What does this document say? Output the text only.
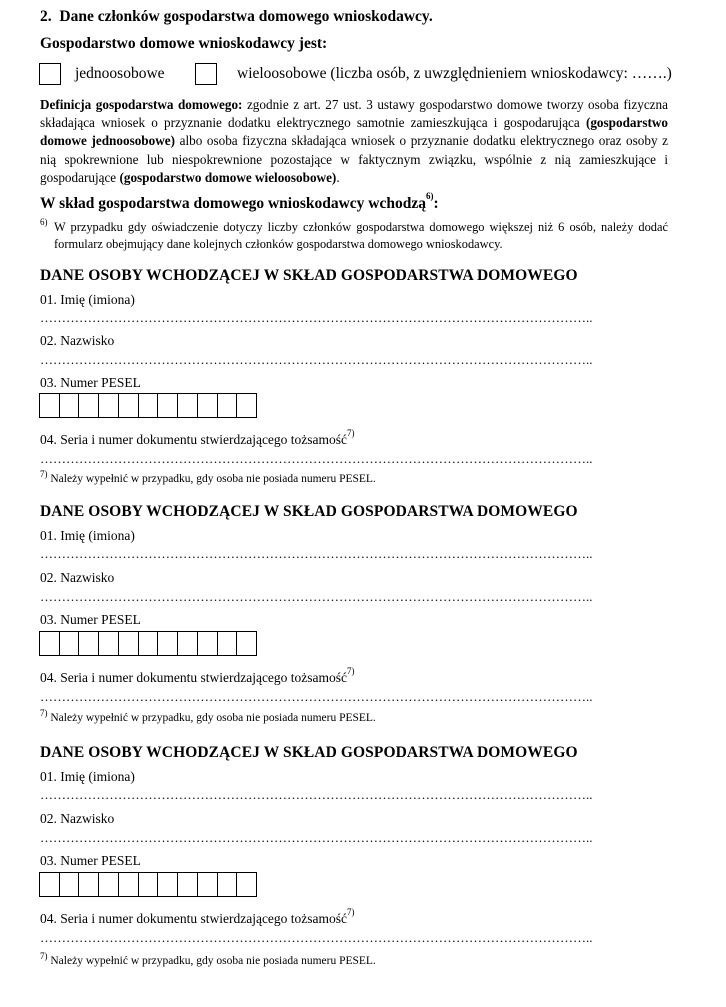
2. Dane członków gospodarstwa domowego wnioskodawcy.
Gospodarstwo domowe wnioskodawcy jest:
jednoosobowe	wieloosobowe (liczba osób, z uwzględnieniem wnioskodawcy: …….)
Definicja gospodarstwa domowego: zgodnie z art. 27 ust. 3 ustawy gospodarstwo domowe tworzy osoba fizyczna składająca wniosek o przyznanie dodatku elektrycznego samotnie zamieszkująca i gospodarująca (gospodarstwo domowe jednoosobowe) albo osoba fizyczna składająca wniosek o przyznanie dodatku elektrycznego oraz osoby z nią spokrewnione lub niespokrewnione pozostające w faktycznym związku, wspólnie z nią zamieszkujące i gospodarujące (gospodarstwo domowe wieloosobowe).
W skład gospodarstwa domowego wnioskodawcy wchodzą$^{6)}$:
6) W przypadku gdy oświadczenie dotyczy liczby członków gospodarstwa domowego większej niż 6 osób, należy dodać
formularz obejmujący dane kolejnych członków gospodarstwa domowego wnioskodawcy.
DANE OSOBY WCHODZĄCEJ W SKŁAD GOSPODARSTWA DOMOWEGO
01. Imię (imiona)
………………………………………………………………………………………………………………..
02. Nazwisko
………………………………………………………………………………………………………………..
03. Numer PESEL
04. Seria i numer dokumentu stwierdzającego tożsamość$^{7)}$
………………………………………………………………………………………………………………..
$^{7)}$ Należy wypełnić w przypadku, gdy osoba nie posiada numeru PESEL.
DANE OSOBY WCHODZĄCEJ W SKŁAD GOSPODARSTWA DOMOWEGO
01. Imię (imiona)
………………………………………………………………………………………………………………..
02. Nazwisko
………………………………………………………………………………………………………………..
03. Numer PESEL
04. Seria i numer dokumentu stwierdzającego tożsamość$^{7)}$
………………………………………………………………………………………………………………..
$^{7)}$ Należy wypełnić w przypadku, gdy osoba nie posiada numeru PESEL.
DANE OSOBY WCHODZĄCEJ W SKŁAD GOSPODARSTWA DOMOWEGO
01. Imię (imiona)
………………………………………………………………………………………………………………..
02. Nazwisko
………………………………………………………………………………………………………………..
03. Numer PESEL
04. Seria i numer dokumentu stwierdzającego tożsamość$^{7)}$
………………………………………………………………………………………………………………..
$^{7)}$ Należy wypełnić w przypadku, gdy osoba nie posiada numeru PESEL.
